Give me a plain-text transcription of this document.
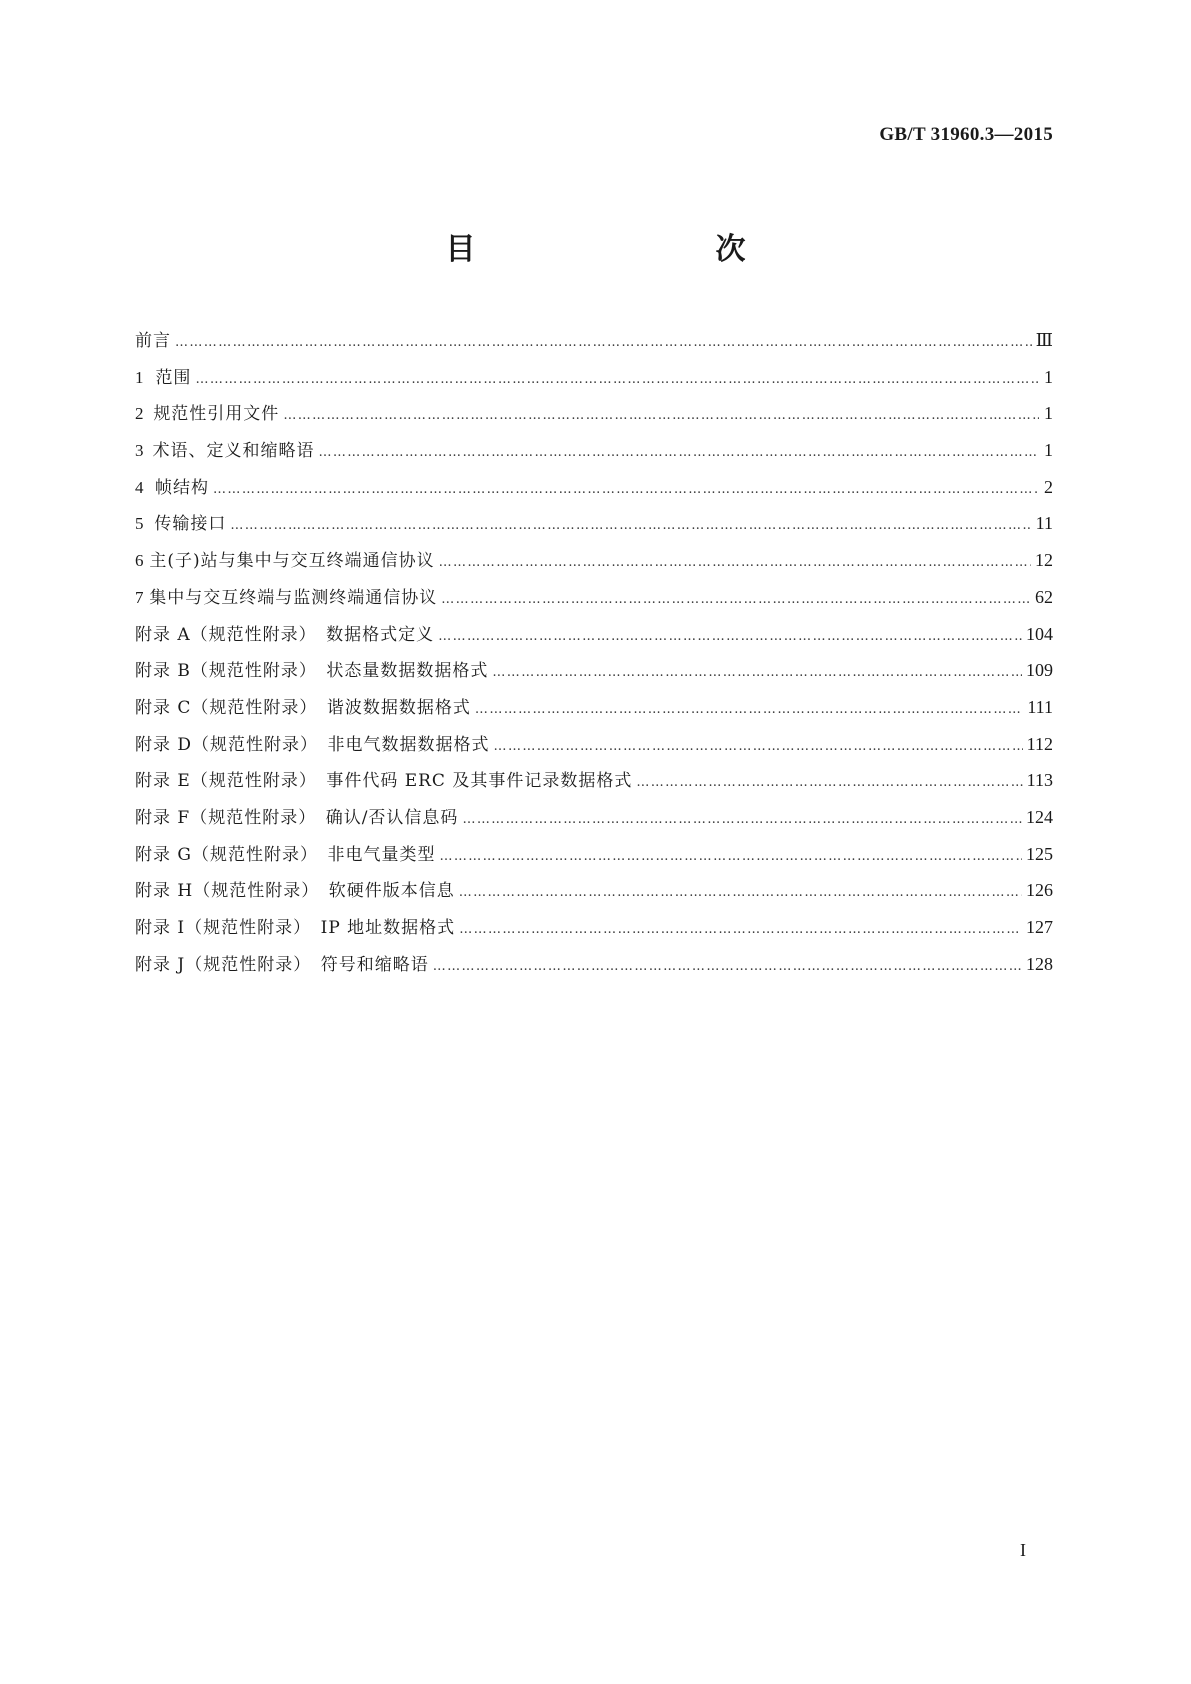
GB/T 31960.3—2015
目　　次
前言 ……………………………………………………………………………………………………………………………………………………………………………………………………………………………………	Ⅲ
1 范围 ……………………………………………………………………………………………………………………………………………………………………………………………………………………………………	1
2 规范性引用文件 ……………………………………………………………………………………………………………………………………………………………………………………………………………………………………	1
3 术语、定义和缩略语 ……………………………………………………………………………………………………………………………………………………………………………………………………………………………………	1
4 帧结构 ……………………………………………………………………………………………………………………………………………………………………………………………………………………………………	2
5 传输接口 ……………………………………………………………………………………………………………………………………………………………………………………………………………………………………	11
6 主(子)站与集中与交互终端通信协议 ……………………………………………………………………………………………………………………………………………………………………………………………………………………………………	12
7 集中与交互终端与监测终端通信协议 ……………………………………………………………………………………………………………………………………………………………………………………………………………………………………	62
附录 A（规范性附录）　数据格式定义 ……………………………………………………………………………………………………………………………………………………………………………………………………………………………………	104
附录 B（规范性附录）　状态量数据数据格式 ……………………………………………………………………………………………………………………………………………………………………………………………………………………………………	109
附录 C（规范性附录）　谐波数据数据格式 ……………………………………………………………………………………………………………………………………………………………………………………………………………………………………	111
附录 D（规范性附录）　非电气数据数据格式 ……………………………………………………………………………………………………………………………………………………………………………………………………………………………………	112
附录 E（规范性附录）　事件代码 ERC 及其事件记录数据格式 ……………………………………………………………………………………………………………………………………………………………………………………………………………………………………	113
附录 F（规范性附录）　确认/否认信息码 ……………………………………………………………………………………………………………………………………………………………………………………………………………………………………	124
附录 G（规范性附录）　非电气量类型 ……………………………………………………………………………………………………………………………………………………………………………………………………………………………………	125
附录 H（规范性附录）　软硬件版本信息 ……………………………………………………………………………………………………………………………………………………………………………………………………………………………………	126
附录 I（规范性附录）　IP 地址数据格式 ……………………………………………………………………………………………………………………………………………………………………………………………………………………………………	127
附录 J（规范性附录）　符号和缩略语 ……………………………………………………………………………………………………………………………………………………………………………………………………………………………………	128
I
